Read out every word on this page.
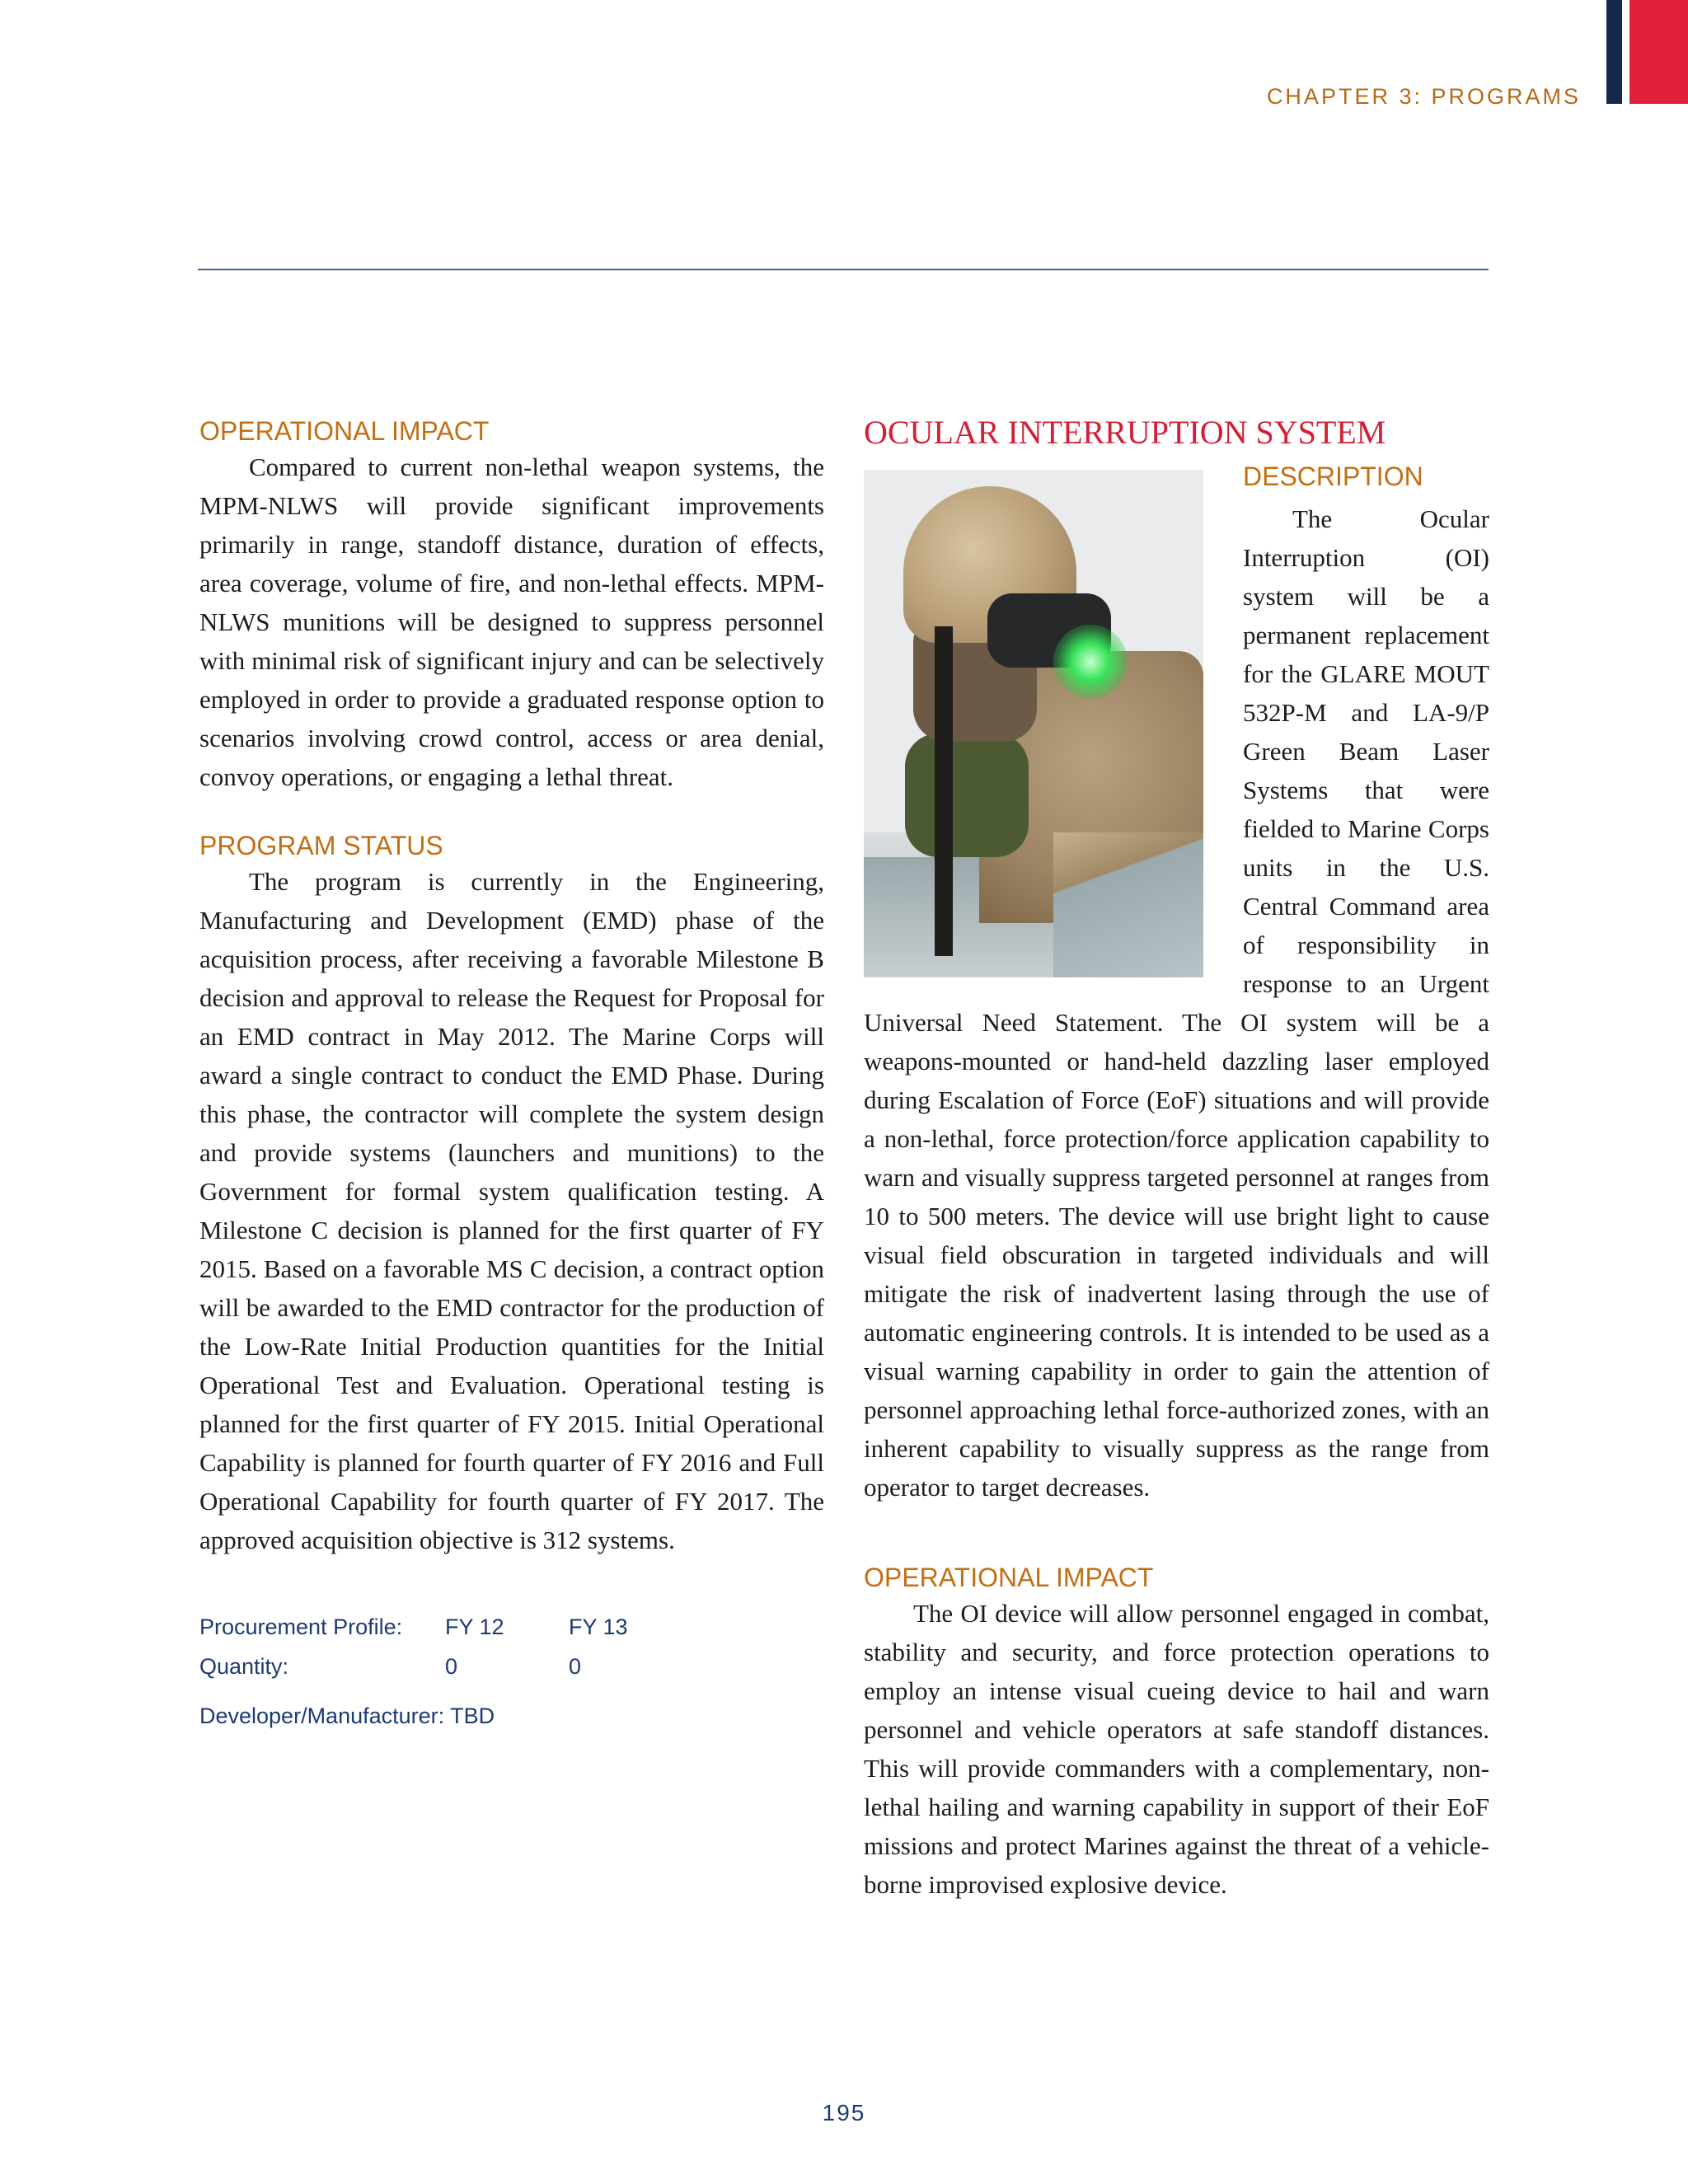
CHAPTER 3: PROGRAMS
OPERATIONAL IMPACT

Compared to current non-lethal weapon systems, the MPM-NLWS will provide significant improvements primarily in range, standoff distance, duration of effects, area coverage, volume of fire, and non-lethal effects. MPM-NLWS munitions will be designed to suppress personnel with minimal risk of significant injury and can be selectively employed in order to provide a graduated response option to scenarios involving crowd control, access or area denial, convoy operations, or engaging a lethal threat.

PROGRAM STATUS

The program is currently in the Engineering, Manufacturing and Development (EMD) phase of the acquisition process, after receiving a favorable Milestone B decision and approval to release the Request for Proposal for an EMD contract in May 2012. The Marine Corps will award a single contract to conduct the EMD Phase. During this phase, the contractor will complete the system design and provide systems (launchers and munitions) to the Government for formal system qualification testing. A Milestone C decision is planned for the first quarter of FY 2015. Based on a favorable MS C decision, a contract option will be awarded to the EMD contractor for the production of the Low-Rate Initial Production quantities for the Initial Operational Test and Evaluation. Operational testing is planned for the first quarter of FY 2015. Initial Operational Capability is planned for fourth quarter of FY 2016 and Full Operational Capability for fourth quarter of FY 2017. The approved acquisition objective is 312 systems.

Procurement Profile:	FY 12	FY 13
Quantity:	0	0
Developer/Manufacturer: TBD
OCULAR INTERRUPTION SYSTEM
DESCRIPTION

The Ocular Interruption (OI) system will be a permanent replacement for the GLARE MOUT 532P-M and LA-9/P Green Beam Laser Systems that were fielded to Marine Corps units in the U.S. Central Command area of responsibility in response to an Urgent Universal Need Statement. The OI system will be a weapons-mounted or hand-held dazzling laser employed during Escalation of Force (EoF) situations and will provide a non-lethal, force protection/force application capability to warn and visually suppress targeted personnel at ranges from 10 to 500 meters. The device will use bright light to cause visual field obscuration in targeted individuals and will mitigate the risk of inadvertent lasing through the use of automatic engineering controls. It is intended to be used as a visual warning capability in order to gain the attention of personnel approaching lethal force-authorized zones, with an inherent capability to visually suppress as the range from operator to target decreases.

OPERATIONAL IMPACT

The OI device will allow personnel engaged in combat, stability and security, and force protection operations to employ an intense visual cueing device to hail and warn personnel and vehicle operators at safe standoff distances. This will provide commanders with a complementary, non-lethal hailing and warning capability in support of their EoF missions and protect Marines against the threat of a vehicle-borne improvised explosive device.

195
